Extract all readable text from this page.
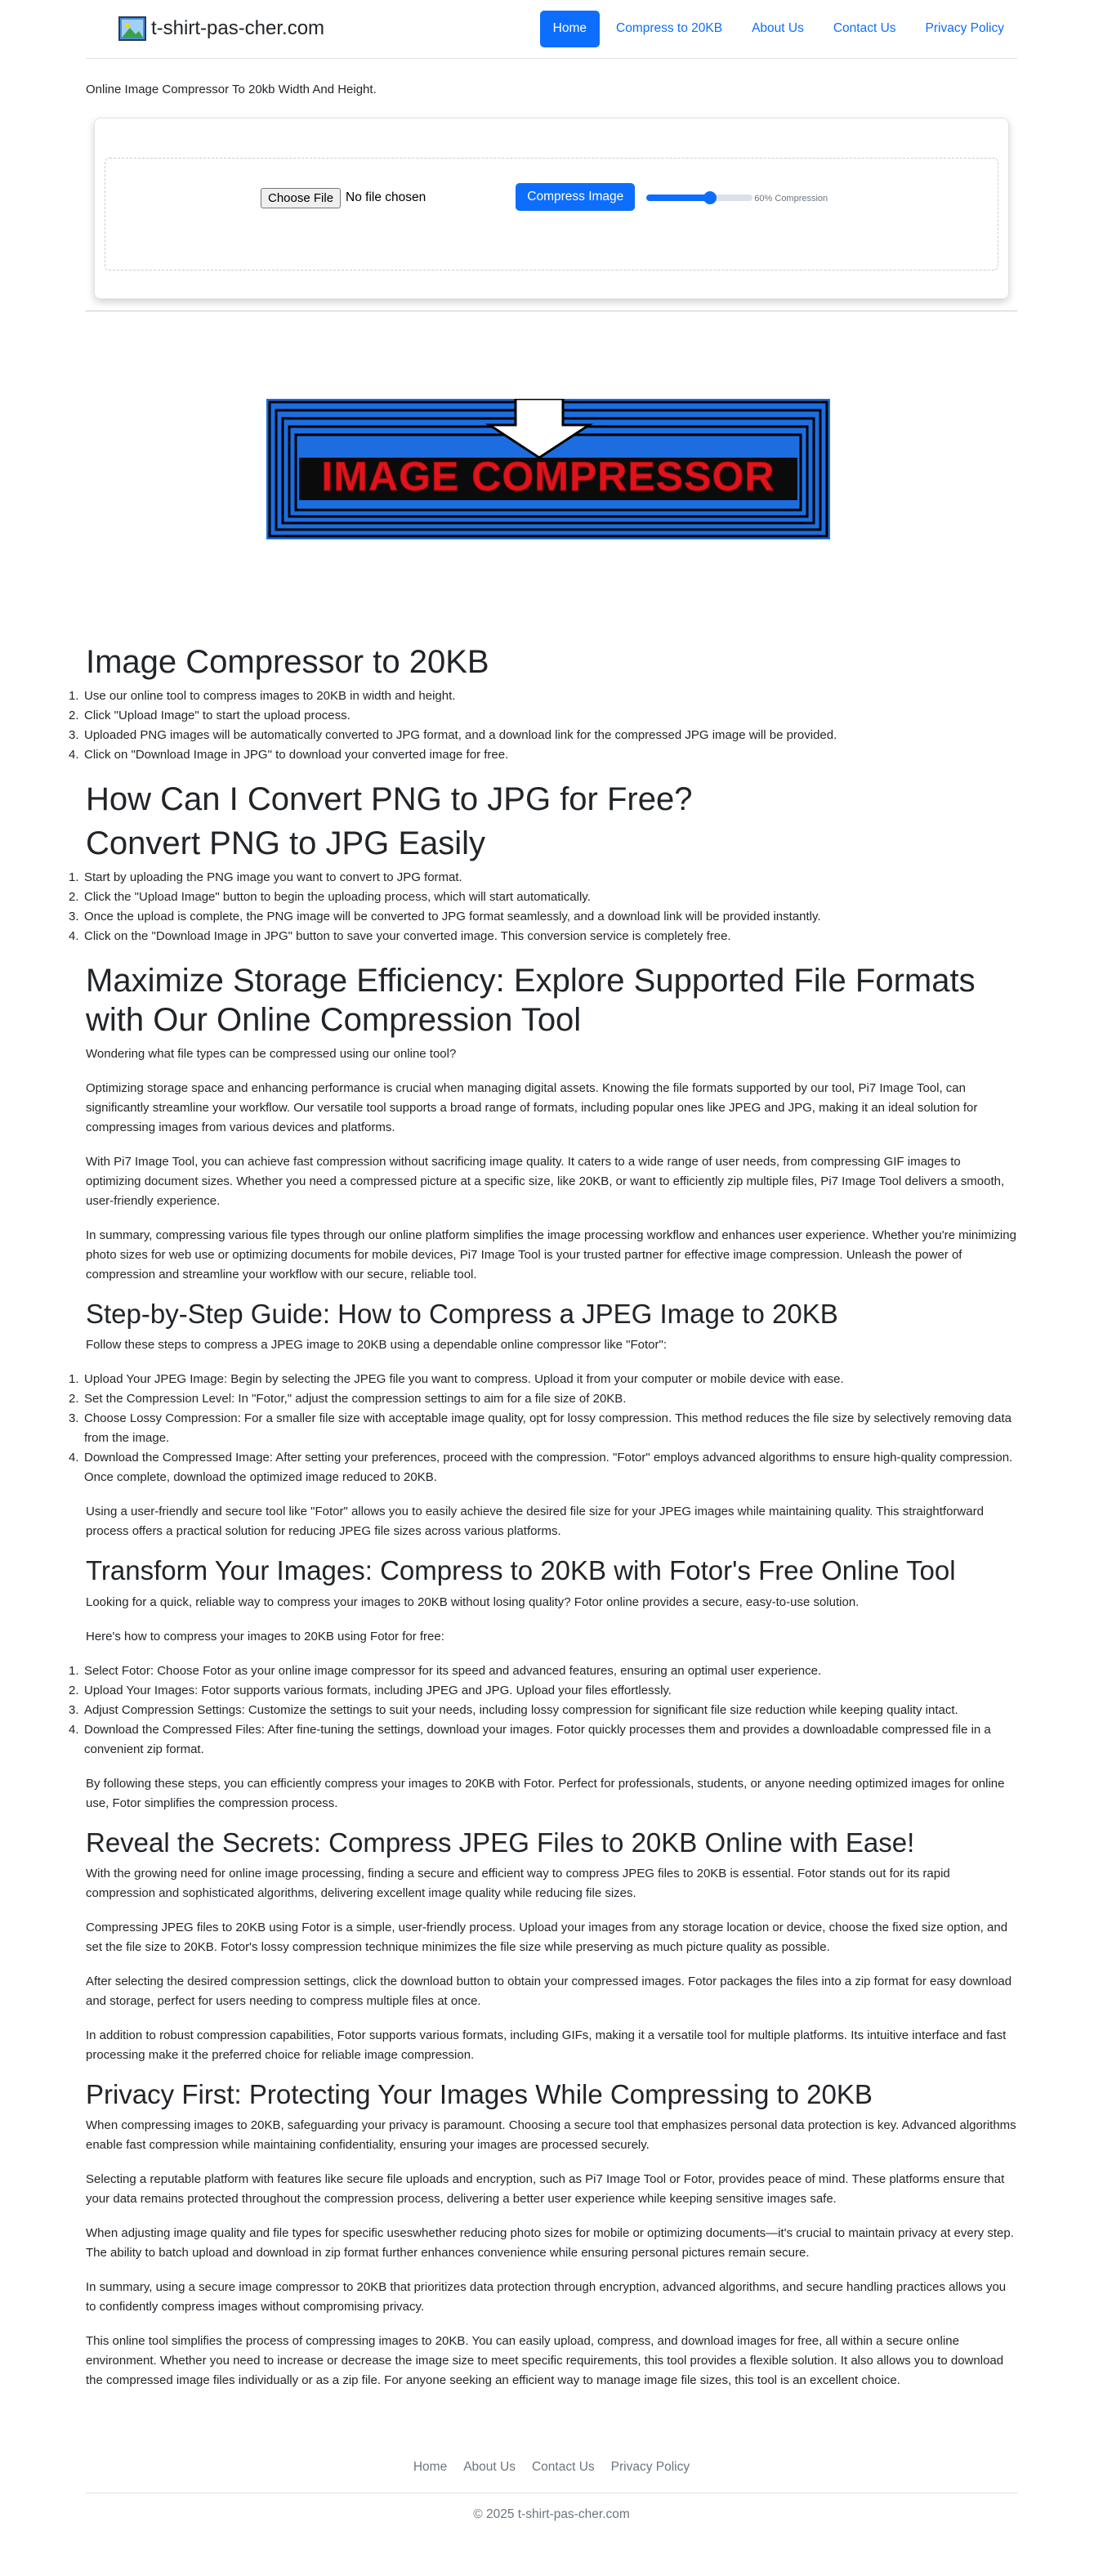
t-shirt-pas-cher.com	Home	Compress to 20KB	About Us	Contact Us	Privacy Policy

Online Image Compressor To 20kb Width And Height.

Choose File No file chosen	Compress Image	60% Compression
IMAGE COMPRESSOR
Image Compressor to 20KB
1. Use our online tool to compress images to 20KB in width and height.
2. Click "Upload Image" to start the upload process.
3. Uploaded PNG images will be automatically converted to JPG format, and a download link for the compressed JPG image will be provided.
4. Click on "Download Image in JPG" to download your converted image for free.
How Can I Convert PNG to JPG for Free?
Convert PNG to JPG Easily
1. Start by uploading the PNG image you want to convert to JPG format.
2. Click the "Upload Image" button to begin the uploading process, which will start automatically.
3. Once the upload is complete, the PNG image will be converted to JPG format seamlessly, and a download link will be provided instantly.
4. Click on the "Download Image in JPG" button to save your converted image. This conversion service is completely free.
Maximize Storage Efficiency: Explore Supported File Formats with Our Online Compression Tool

Wondering what file types can be compressed using our online tool?

Optimizing storage space and enhancing performance is crucial when managing digital assets. Knowing the file formats supported by our tool, Pi7 Image Tool, can significantly streamline your workflow. Our versatile tool supports a broad range of formats, including popular ones like JPEG and JPG, making it an ideal solution for compressing images from various devices and platforms.

With Pi7 Image Tool, you can achieve fast compression without sacrificing image quality. It caters to a wide range of user needs, from compressing GIF images to optimizing document sizes. Whether you need a compressed picture at a specific size, like 20KB, or want to efficiently zip multiple files, Pi7 Image Tool delivers a smooth, user-friendly experience.

In summary, compressing various file types through our online platform simplifies the image processing workflow and enhances user experience. Whether you're minimizing photo sizes for web use or optimizing documents for mobile devices, Pi7 Image Tool is your trusted partner for effective image compression. Unleash the power of compression and streamline your workflow with our secure, reliable tool.

Step-by-Step Guide: How to Compress a JPEG Image to 20KB

Follow these steps to compress a JPEG image to 20KB using a dependable online compressor like "Fotor":

1. Upload Your JPEG Image: Begin by selecting the JPEG file you want to compress. Upload it from your computer or mobile device with ease.
2. Set the Compression Level: In "Fotor," adjust the compression settings to aim for a file size of 20KB.
3. Choose Lossy Compression: For a smaller file size with acceptable image quality, opt for lossy compression. This method reduces the file size by selectively removing data from the image.
4. Download the Compressed Image: After setting your preferences, proceed with the compression. "Fotor" employs advanced algorithms to ensure high-quality compression. Once complete, download the optimized image reduced to 20KB.

Using a user-friendly and secure tool like "Fotor" allows you to easily achieve the desired file size for your JPEG images while maintaining quality. This straightforward process offers a practical solution for reducing JPEG file sizes across various platforms.

Transform Your Images: Compress to 20KB with Fotor's Free Online Tool

Looking for a quick, reliable way to compress your images to 20KB without losing quality? Fotor online provides a secure, easy-to-use solution.

Here's how to compress your images to 20KB using Fotor for free:

1. Select Fotor: Choose Fotor as your online image compressor for its speed and advanced features, ensuring an optimal user experience.
2. Upload Your Images: Fotor supports various formats, including JPEG and JPG. Upload your files effortlessly.
3. Adjust Compression Settings: Customize the settings to suit your needs, including lossy compression for significant file size reduction while keeping quality intact.
4. Download the Compressed Files: After fine-tuning the settings, download your images. Fotor quickly processes them and provides a downloadable compressed file in a convenient zip format.

By following these steps, you can efficiently compress your images to 20KB with Fotor. Perfect for professionals, students, or anyone needing optimized images for online use, Fotor simplifies the compression process.

Reveal the Secrets: Compress JPEG Files to 20KB Online with Ease!

With the growing need for online image processing, finding a secure and efficient way to compress JPEG files to 20KB is essential. Fotor stands out for its rapid compression and sophisticated algorithms, delivering excellent image quality while reducing file sizes.

Compressing JPEG files to 20KB using Fotor is a simple, user-friendly process. Upload your images from any storage location or device, choose the fixed size option, and set the file size to 20KB. Fotor's lossy compression technique minimizes the file size while preserving as much picture quality as possible.

After selecting the desired compression settings, click the download button to obtain your compressed images. Fotor packages the files into a zip format for easy download and storage, perfect for users needing to compress multiple files at once.

In addition to robust compression capabilities, Fotor supports various formats, including GIFs, making it a versatile tool for multiple platforms. Its intuitive interface and fast processing make it the preferred choice for reliable image compression.

Privacy First: Protecting Your Images While Compressing to 20KB

When compressing images to 20KB, safeguarding your privacy is paramount. Choosing a secure tool that emphasizes personal data protection is key. Advanced algorithms enable fast compression while maintaining confidentiality, ensuring your images are processed securely.

Selecting a reputable platform with features like secure file uploads and encryption, such as Pi7 Image Tool or Fotor, provides peace of mind. These platforms ensure that your data remains protected throughout the compression process, delivering a better user experience while keeping sensitive images safe.

When adjusting image quality and file types for specific useswhether reducing photo sizes for mobile or optimizing documents—it's crucial to maintain privacy at every step. The ability to batch upload and download in zip format further enhances convenience while ensuring personal pictures remain secure.

In summary, using a secure image compressor to 20KB that prioritizes data protection through encryption, advanced algorithms, and secure handling practices allows you to confidently compress images without compromising privacy.

This online tool simplifies the process of compressing images to 20KB. You can easily upload, compress, and download images for free, all within a secure online environment. Whether you need to increase or decrease the image size to meet specific requirements, this tool provides a flexible solution. It also allows you to download the compressed image files individually or as a zip file. For anyone seeking an efficient way to manage image file sizes, this tool is an excellent choice.

Home About Us Contact Us Privacy Policy
© 2025 t-shirt-pas-cher.com
